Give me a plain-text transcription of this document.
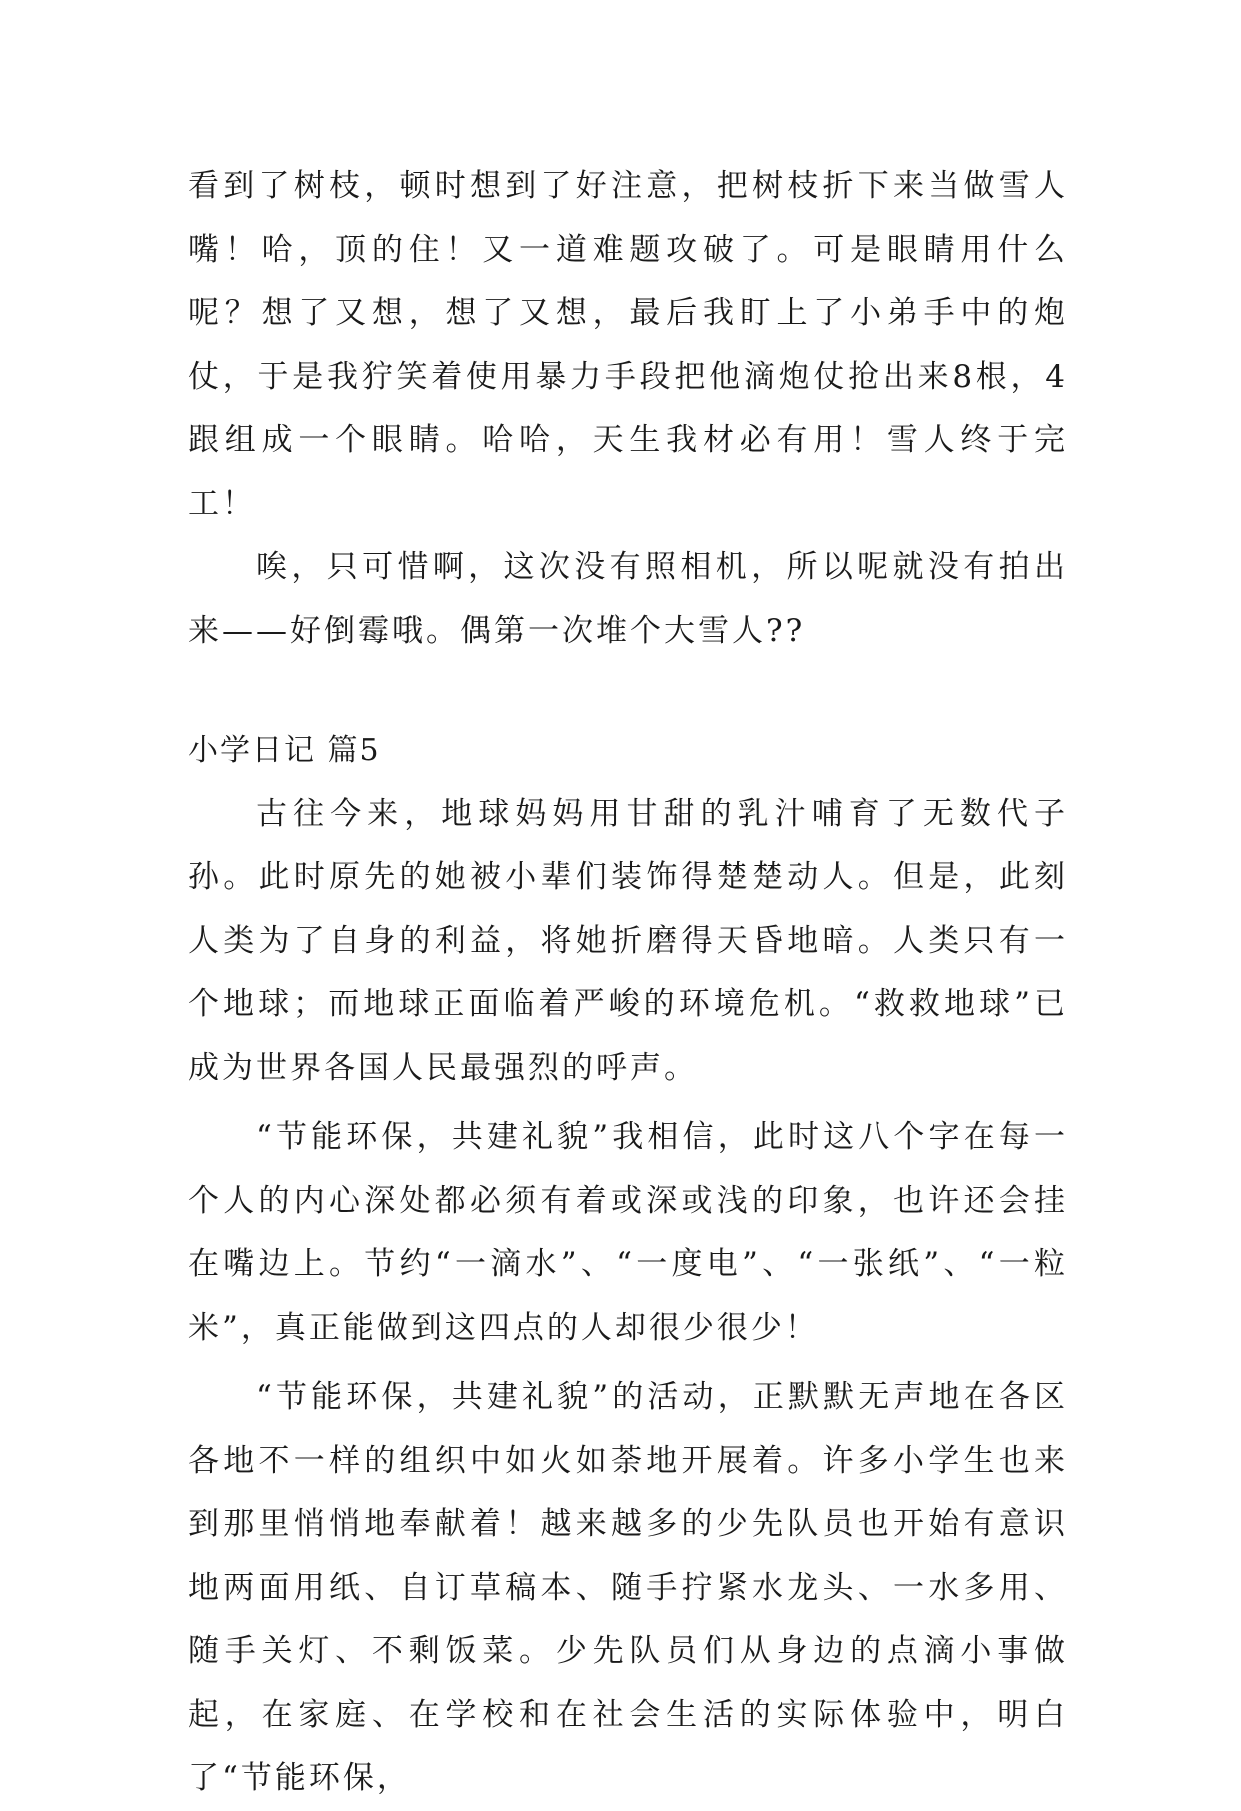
看到了树枝，顿时想到了好注意，把树枝折下来当做雪人嘴！哈，顶的住！又一道难题攻破了。可是眼睛用什么呢？想了又想，想了又想，最后我盯上了小弟手中的炮仗，于是我狞笑着使用暴力手段把他滴炮仗抢出来8根，4跟组成一个眼睛。哈哈，天生我材必有用！雪人终于完工！

唉，只可惜啊，这次没有照相机，所以呢就没有拍出来——好倒霉哦。偶第一次堆个大雪人??

小学日记 篇5

古往今来，地球妈妈用甘甜的乳汁哺育了无数代子孙。此时原先的她被小辈们装饰得楚楚动人。但是，此刻人类为了自身的利益，将她折磨得天昏地暗。人类只有一个地球；而地球正面临着严峻的环境危机。“救救地球”已成为世界各国人民最强烈的呼声。

“节能环保，共建礼貌”我相信，此时这八个字在每一个人的内心深处都必须有着或深或浅的印象，也许还会挂在嘴边上。节约“一滴水”、“一度电”、“一张纸”、“一粒米”，真正能做到这四点的人却很少很少！

“节能环保，共建礼貌”的活动，正默默无声地在各区各地不一样的组织中如火如荼地开展着。许多小学生也来到那里悄悄地奉献着！越来越多的少先队员也开始有意识地两面用纸、自订草稿本、随手拧紧水龙头、一水多用、随手关灯、不剩饭菜。少先队员们从身边的点滴小事做起，在家庭、在学校和在社会生活的实际体验中，明白了“节能环保，
